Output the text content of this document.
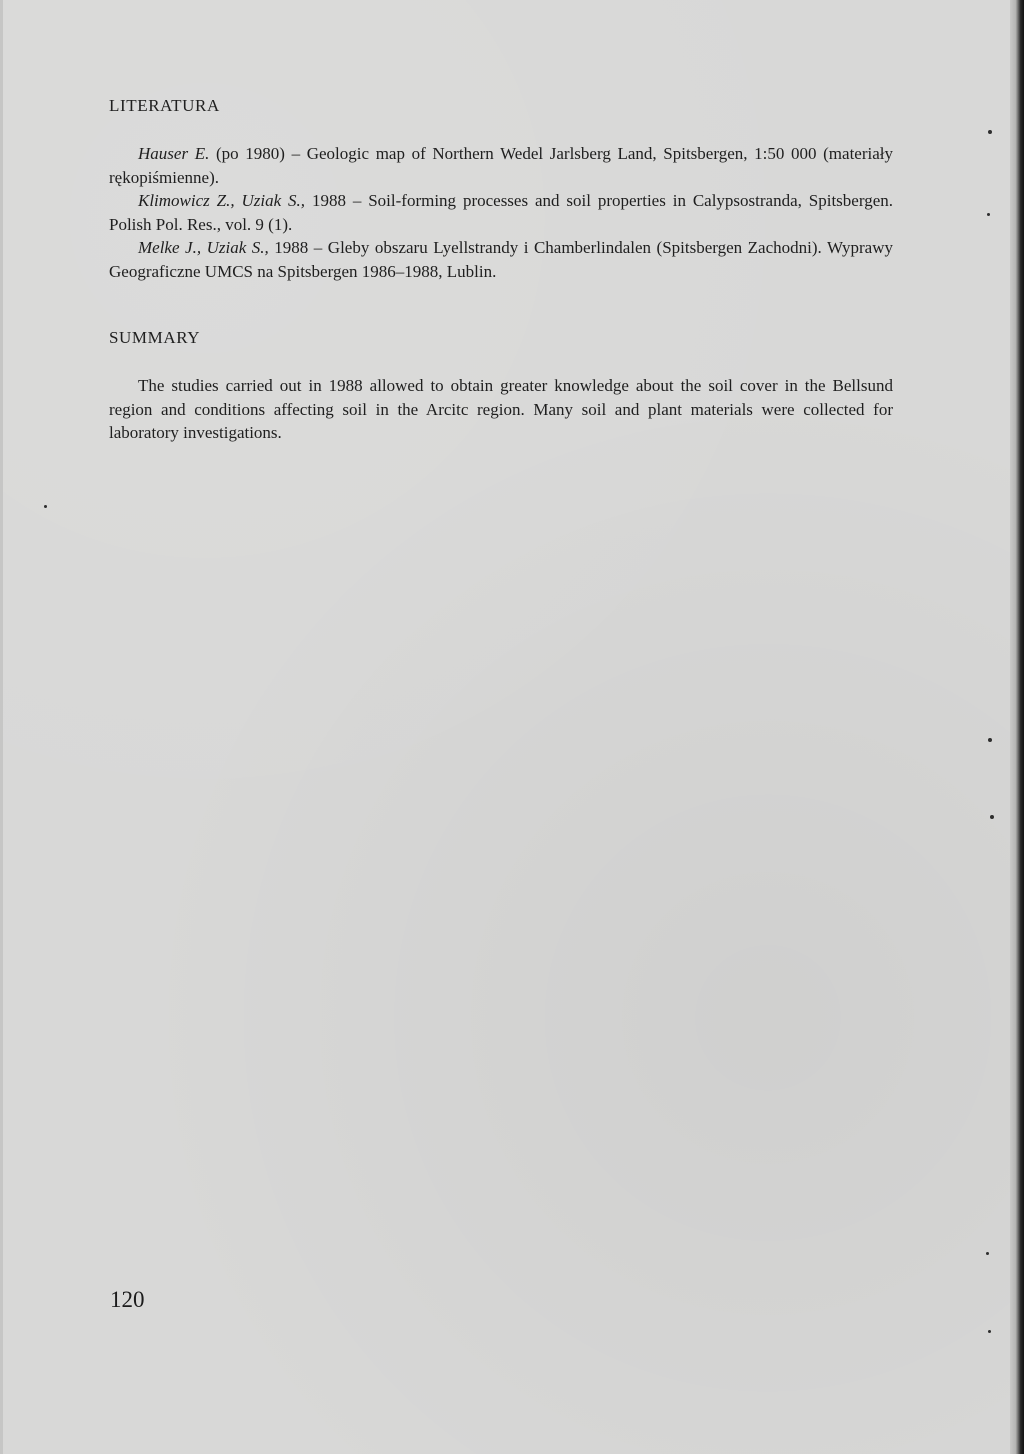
LITERATURA

Hauser E. (po 1980) – Geologic map of Northern Wedel Jarlsberg Land, Spitsbergen, 1:50 000 (materiały rękopiśmienne).

Klimowicz Z., Uziak S., 1988 – Soil-forming processes and soil properties in Calypsostranda, Spitsbergen. Polish Pol. Res., vol. 9 (1).

Melke J., Uziak S., 1988 – Gleby obszaru Lyellstrandy i Chamberlindalen (Spitsbergen Zachodni). Wyprawy Geograficzne UMCS na Spitsbergen 1986–1988, Lublin.

SUMMARY

The studies carried out in 1988 allowed to obtain greater knowledge about the soil cover in the Bellsund region and conditions affecting soil in the Arcitc region. Many soil and plant materials were collected for laboratory investigations.

120
